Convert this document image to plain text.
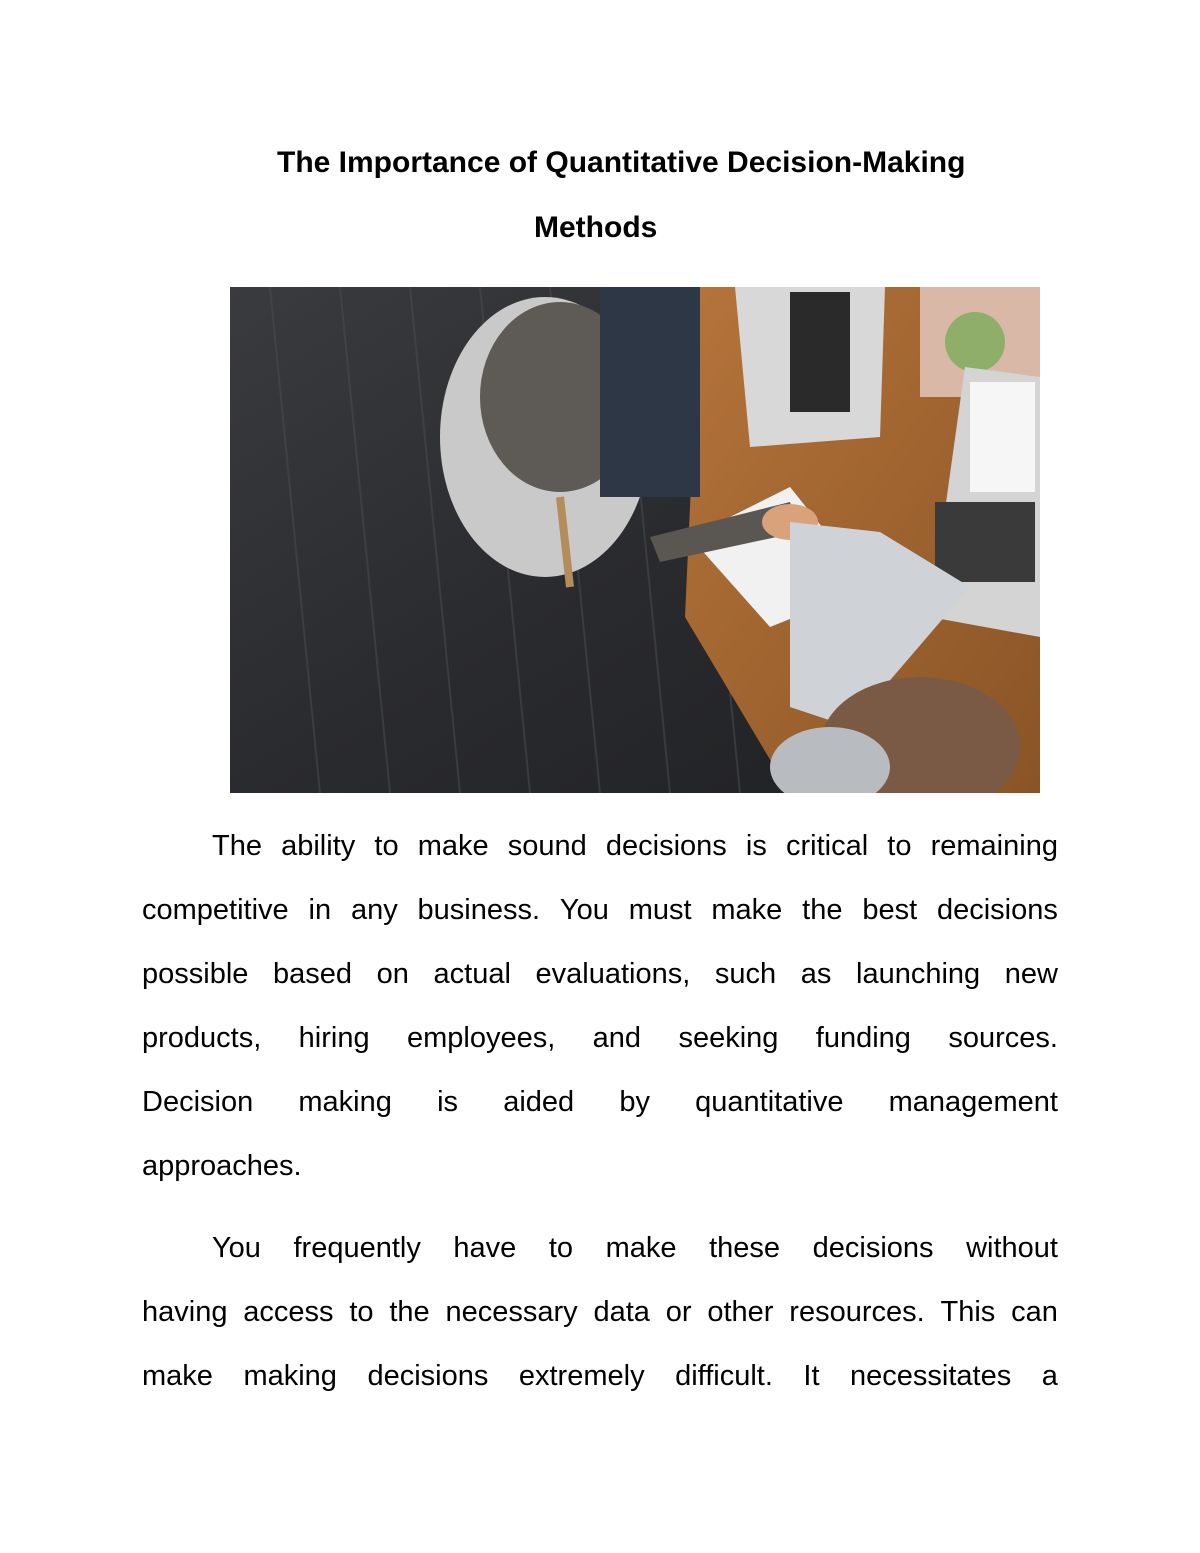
The Importance of Quantitative Decision-Making
Methods
The ability to make sound decisions is critical to remaining
competitive in any business. You must make the best decisions
possible based on actual evaluations, such as launching new
products, hiring employees, and seeking funding sources.
Decision making is aided by quantitative management
approaches.
You frequently have to make these decisions without
having access to the necessary data or other resources. This can
make making decisions extremely difficult. It necessitates a
